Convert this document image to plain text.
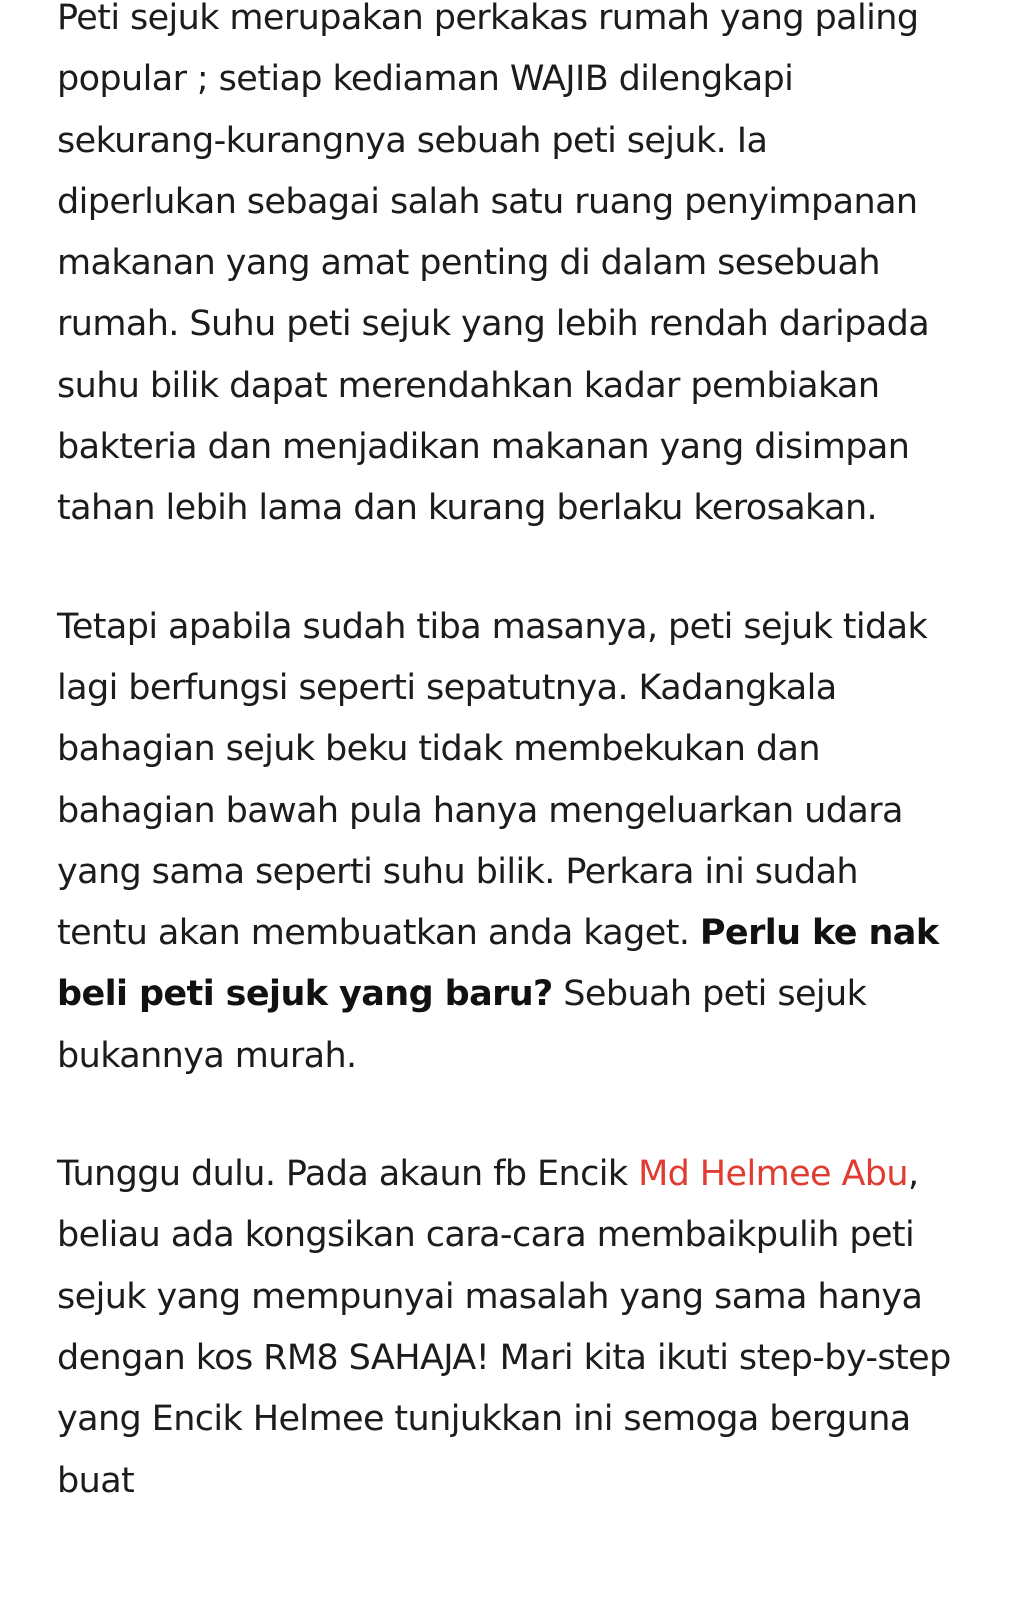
Peti sejuk merupakan perkakas rumah yang paling popular ; setiap kediaman WAJIB dilengkapi sekurang-kurangnya sebuah peti sejuk. Ia diperlukan sebagai salah satu ruang penyimpanan makanan yang amat penting di dalam sesebuah rumah. Suhu peti sejuk yang lebih rendah daripada suhu bilik dapat merendahkan kadar pembiakan bakteria dan menjadikan makanan yang disimpan tahan lebih lama dan kurang berlaku kerosakan.

Tetapi apabila sudah tiba masanya, peti sejuk tidak lagi berfungsi seperti sepatutnya. Kadangkala bahagian sejuk beku tidak membekukan dan bahagian bawah pula hanya mengeluarkan udara yang sama seperti suhu bilik. Perkara ini sudah tentu akan membuatkan anda kaget. Perlu ke nak beli peti sejuk yang baru? Sebuah peti sejuk bukannya murah.

Tunggu dulu. Pada akaun fb Encik Md Helmee Abu, beliau ada kongsikan cara-cara membaikpulih peti sejuk yang mempunyai masalah yang sama hanya dengan kos RM8 SAHAJA! Mari kita ikuti step-by-step yang Encik Helmee tunjukkan ini semoga berguna buat
